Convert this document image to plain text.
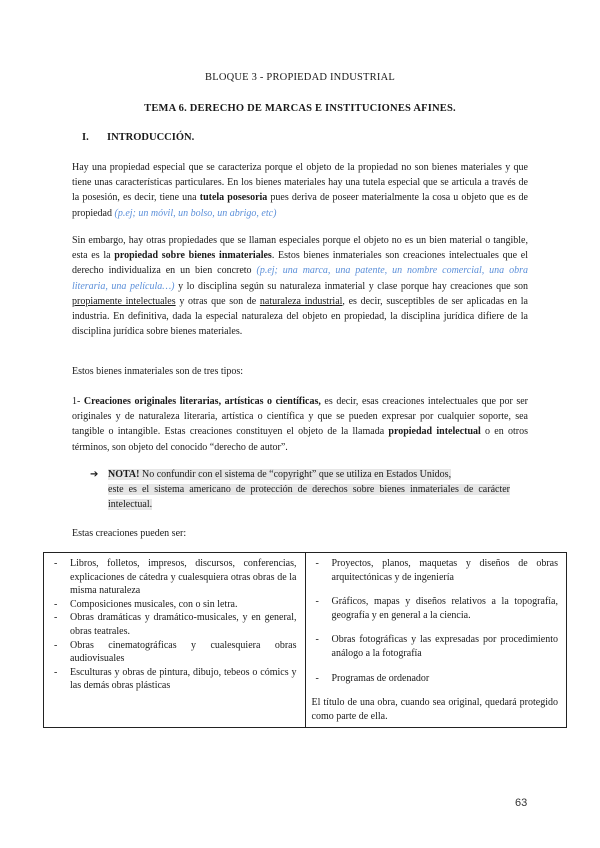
BLOQUE 3 - PROPIEDAD INDUSTRIAL
TEMA 6. DERECHO DE MARCAS E INSTITUCIONES AFINES.
I. INTRODUCCIÓN.

Hay una propiedad especial que se caracteriza porque el objeto de la propiedad no son bienes materiales y que tiene unas características particulares. En los bienes materiales hay una tutela especial que se articula a través de la posesión, es decir, tiene una tutela posesoria pues deriva de poseer materialmente la cosa u objeto que es de propiedad (p.ej; un móvil, un bolso, un abrigo, etc)

Sin embargo, hay otras propiedades que se llaman especiales porque el objeto no es un bien material o tangible, esta es la propiedad sobre bienes inmateriales. Estos bienes inmateriales son creaciones intelectuales que el derecho individualiza en un bien concreto (p.ej; una marca, una patente, un nombre comercial, una obra literaria, una película…) y lo disciplina según su naturaleza inmaterial y clase porque hay creaciones que son propiamente intelectuales y otras que son de naturaleza industrial, es decir, susceptibles de ser aplicadas en la industria. En definitiva, dada la especial naturaleza del objeto en propiedad, la disciplina jurídica difiere de la disciplina jurídica sobre bienes materiales.

Estos bienes inmateriales son de tres tipos:

1- Creaciones originales literarias, artísticas o científicas, es decir, esas creaciones intelectuales que por ser originales y de naturaleza literaria, artística o científica y que se pueden expresar por cualquier soporte, sea tangible o intangible. Estas creaciones constituyen el objeto de la llamada propiedad intelectual o en otros términos, son objeto del conocido “derecho de autor”.

➔ NOTA! No confundir con el sistema de “copyright” que se utiliza en Estados Unidos,

este es el sistema americano de protección de derechos sobre bienes inmateriales de carácter intelectual.

Estas creaciones pueden ser:

- Libros, folletos, impresos, discursos, conferencias, explicaciones de cátedra y cualesquiera otras obras de la misma naturaleza
- Composiciones musicales, con o sin letra.
- Obras dramáticas y dramático-musicales, y en general, obras teatrales.
- Obras cinematográficas y cualesquiera obras audiovisuales
- Esculturas y obras de pintura, dibujo, tebeos o cómics y las demás obras plásticas

- Proyectos, planos, maquetas y diseños de obras arquitectónicas y de ingeniería
- Gráficos, mapas y diseños relativos a la topografía, geografía y en general a la ciencia.
- Obras fotográficas y las expresadas por procedimiento análogo a la fotografía
- Programas de ordenador

El título de una obra, cuando sea original, quedará protegido como parte de ella.

63
